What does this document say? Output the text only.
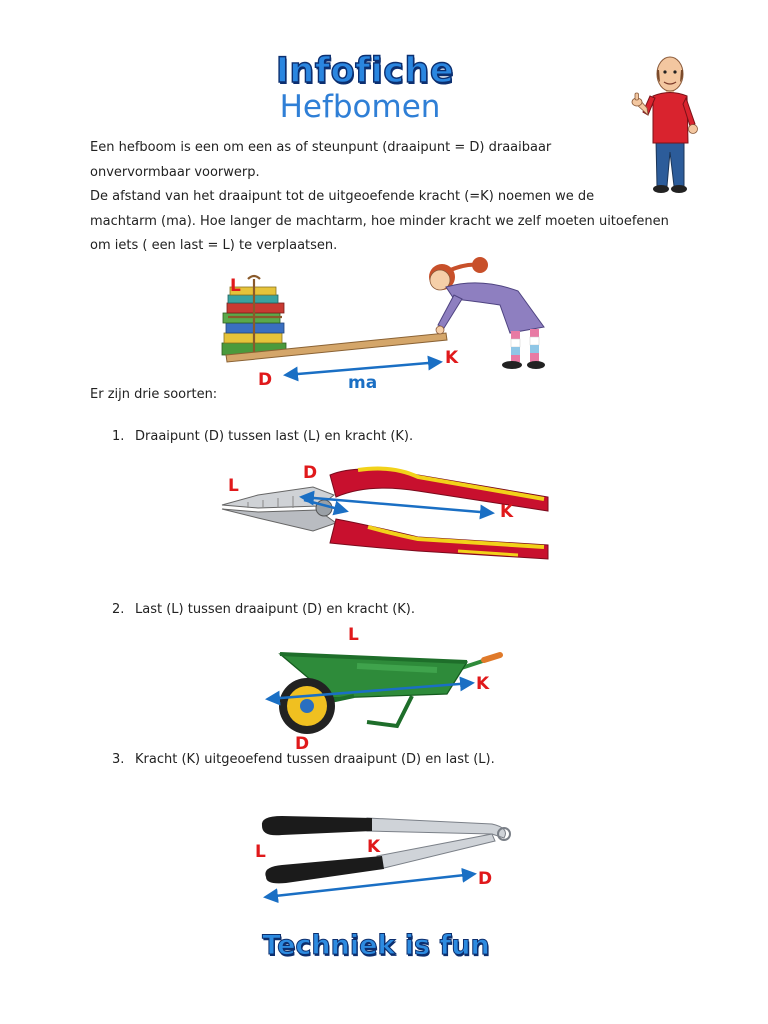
Infofiche
Hefbomen
Een hefboom is een om een as of steunpunt (draaipunt = D) draaibaar
onvervormbaar voorwerp.
De afstand van het draaipunt tot de uitgeoefende kracht (=K) noemen we de
machtarm (ma). Hoe langer de machtarm, hoe minder kracht we zelf moeten uitoefenen
om iets ( een last = L) te verplaatsen.
L
K
D	ma
Er zijn drie soorten:
1. Draaipunt (D) tussen last (L) en kracht (K).
L
D
K
2. Last (L) tussen draaipunt (D) en kracht (K).
L
K
D
3. Kracht (K) uitgeoefend tussen draaipunt (D) en last (L).
L	K
D
Techniek is fun
